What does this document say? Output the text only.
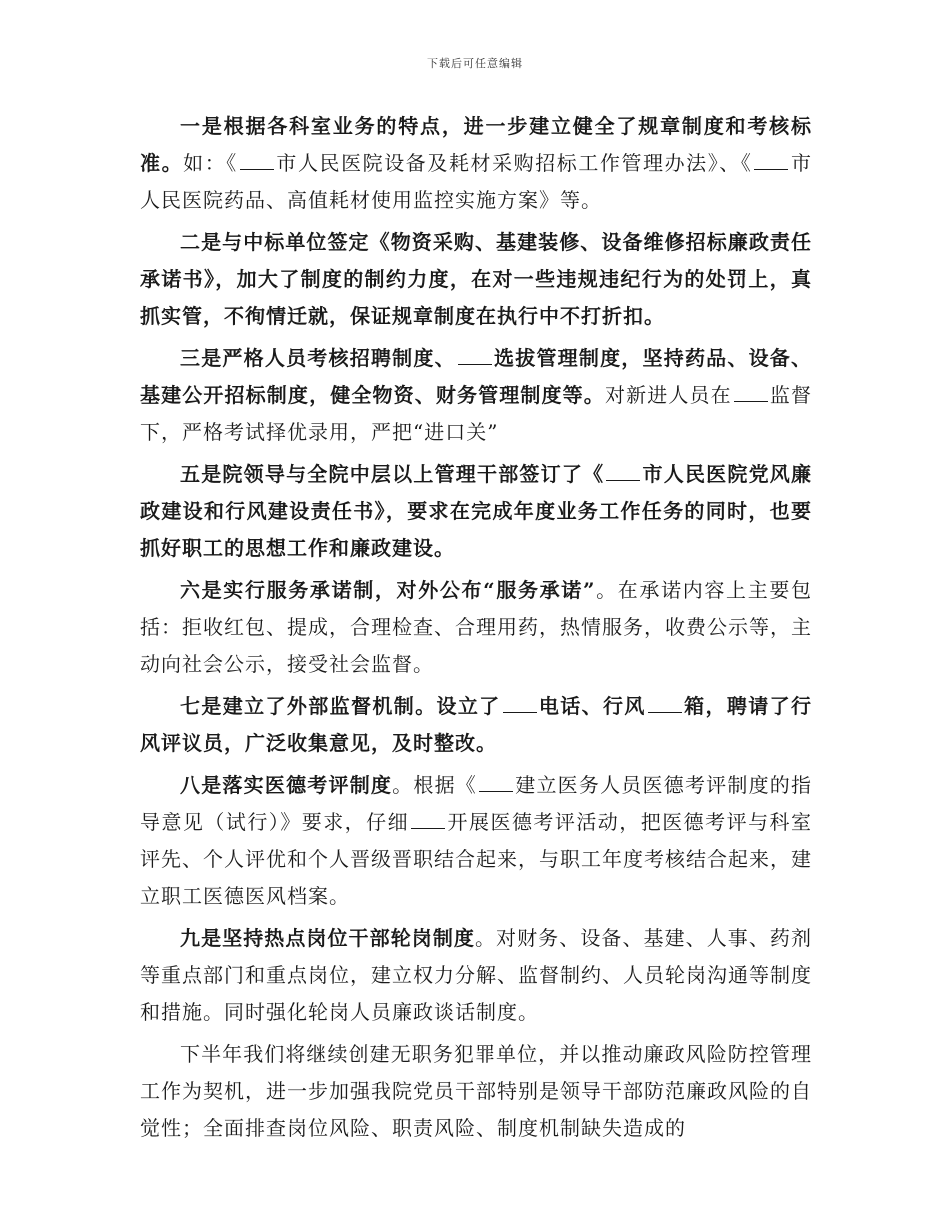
下载后可任意编辑

一是根据各科室业务的特点，进一步建立健全了规章制度和考核标准。如：《 市人民医院设备及耗材采购招标工作管理办法》、《 市人民医院药品、高值耗材使用监控实施方案》等。

二是与中标单位签定《物资采购、基建装修、设备维修招标廉政责任承诺书》，加大了制度的制约力度，在对一些违规违纪行为的处罚上，真抓实管，不徇情迁就，保证规章制度在执行中不打折扣。

三是严格人员考核招聘制度、 选拔管理制度，坚持药品、设备、基建公开招标制度，健全物资、财务管理制度等。对新进人员在 监督下，严格考试择优录用，严把“进口关”

五是院领导与全院中层以上管理干部签订了《 市人民医院党风廉政建设和行风建设责任书》，要求在完成年度业务工作任务的同时，也要抓好职工的思想工作和廉政建设。

六是实行服务承诺制，对外公布“服务承诺”。在承诺内容上主要包括：拒收红包、提成，合理检查、合理用药，热情服务，收费公示等，主动向社会公示，接受社会监督。

七是建立了外部监督机制。设立了 电话、行风 箱，聘请了行风评议员，广泛收集意见，及时整改。

八是落实医德考评制度。根据《 建立医务人员医德考评制度的指导意见（试行）》要求，仔细 开展医德考评活动，把医德考评与科室评先、个人评优和个人晋级晋职结合起来，与职工年度考核结合起来，建立职工医德医风档案。

九是坚持热点岗位干部轮岗制度。对财务、设备、基建、人事、药剂等重点部门和重点岗位，建立权力分解、监督制约、人员轮岗沟通等制度和措施。同时强化轮岗人员廉政谈话制度。

下半年我们将继续创建无职务犯罪单位，并以推动廉政风险防控管理工作为契机，进一步加强我院党员干部特别是领导干部防范廉政风险的自觉性；全面排查岗位风险、职责风险、制度机制缺失造成的
